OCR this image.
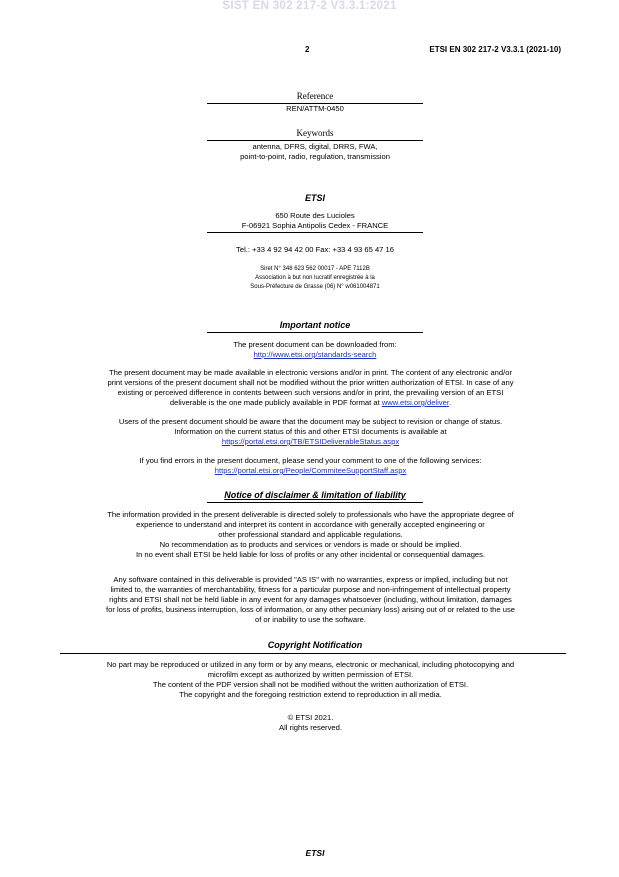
SIST EN 302 217-2 V3.3.1:2021
2	ETSI EN 302 217-2 V3.3.1 (2021-10)
Reference
REN/ATTM-0450
Keywords
antenna, DFRS, digital, DRRS, FWA,
point-to-point, radio, regulation, transmission
ETSI
650 Route des Lucioles
F-06921 Sophia Antipolis Cedex - FRANCE
Tel.: +33 4 92 94 42 00 Fax: +33 4 93 65 47 16
Siret N° 348 623 562 00017 - APE 7112B
Association à but non lucratif enregistrée à la
Sous-Préfecture de Grasse (06) N° w061004871
Important notice
The present document can be downloaded from:
http://www.etsi.org/standards-search
The present document may be made available in electronic versions and/or in print. The content of any electronic and/or
print versions of the present document shall not be modified without the prior written authorization of ETSI. In case of any
existing or perceived difference in contents between such versions and/or in print, the prevailing version of an ETSI
deliverable is the one made publicly available in PDF format at www.etsi.org/deliver.
Users of the present document should be aware that the document may be subject to revision or change of status.
Information on the current status of this and other ETSI documents is available at
https://portal.etsi.org/TB/ETSIDeliverableStatus.aspx
If you find errors in the present document, please send your comment to one of the following services:
https://portal.etsi.org/People/CommiteeSupportStaff.aspx
Notice of disclaimer & limitation of liability
The information provided in the present deliverable is directed solely to professionals who have the appropriate degree of
experience to understand and interpret its content in accordance with generally accepted engineering or
other professional standard and applicable regulations.
No recommendation as to products and services or vendors is made or should be implied.
In no event shall ETSI be held liable for loss of profits or any other incidental or consequential damages.
Any software contained in this deliverable is provided "AS IS" with no warranties, express or implied, including but not
limited to, the warranties of merchantability, fitness for a particular purpose and non-infringement of intellectual property
rights and ETSI shall not be held liable in any event for any damages whatsoever (including, without limitation, damages
for loss of profits, business interruption, loss of information, or any other pecuniary loss) arising out of or related to the use
of or inability to use the software.
Copyright Notification
No part may be reproduced or utilized in any form or by any means, electronic or mechanical, including photocopying and
microfilm except as authorized by written permission of ETSI.
The content of the PDF version shall not be modified without the written authorization of ETSI.
The copyright and the foregoing restriction extend to reproduction in all media.
© ETSI 2021.
All rights reserved.
ETSI
